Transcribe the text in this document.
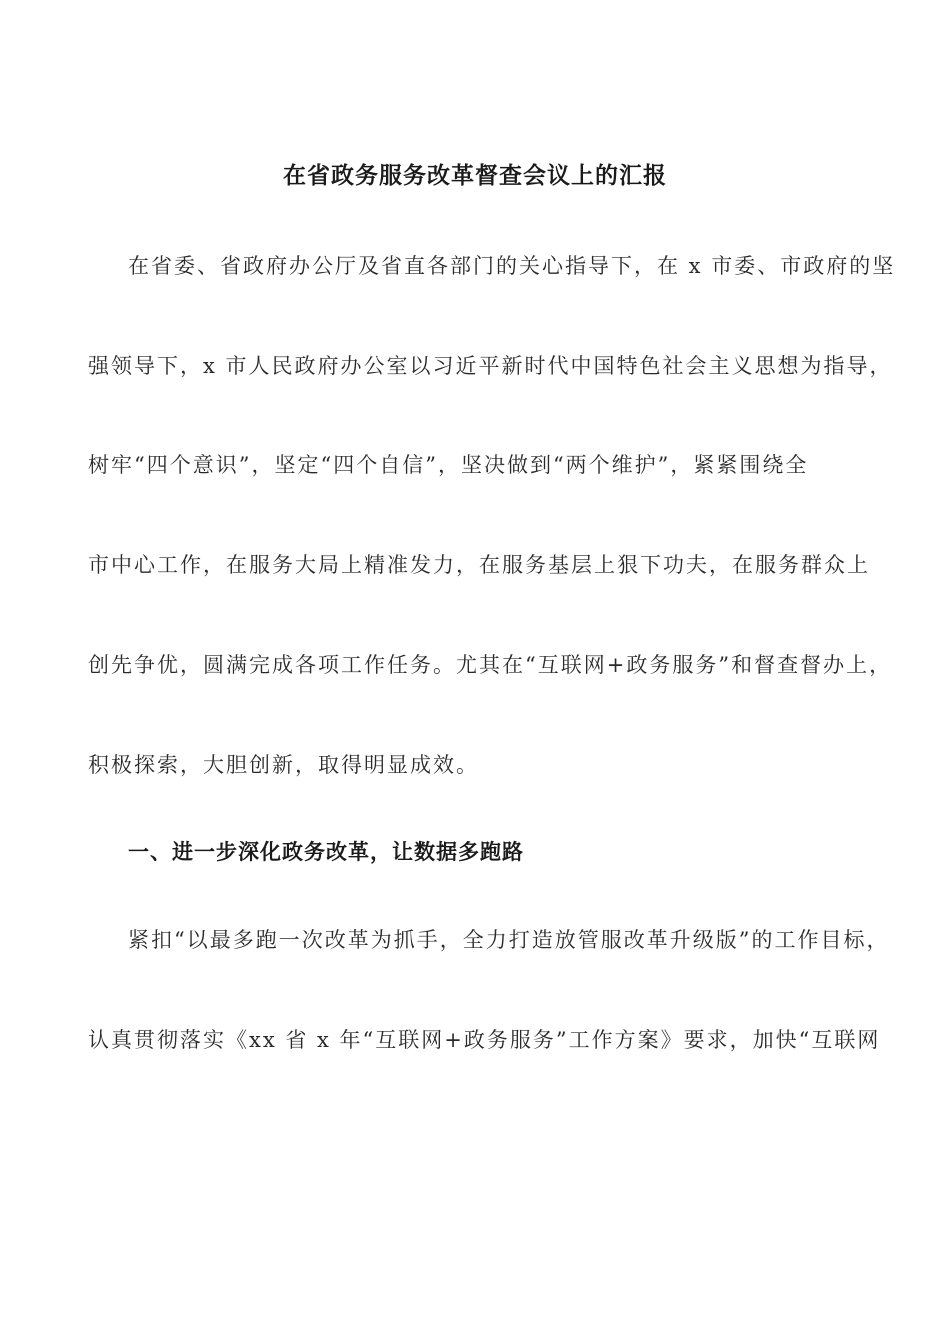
在省政务服务改革督查会议上的汇报
在省委、省政府办公厅及省直各部门的关心指导下，在 x 市委、市政府的坚
强领导下，x 市人民政府办公室以习近平新时代中国特色社会主义思想为指导，
树牢“四个意识”，坚定“四个自信”，坚决做到“两个维护”，紧紧围绕全
市中心工作，在服务大局上精准发力，在服务基层上狠下功夫，在服务群众上
创先争优，圆满完成各项工作任务。尤其在“互联网+政务服务”和督查督办上，
积极探索，大胆创新，取得明显成效。
一、进一步深化政务改革，让数据多跑路
紧扣“以最多跑一次改革为抓手，全力打造放管服改革升级版”的工作目标，
认真贯彻落实《xx 省 x 年“互联网+政务服务”工作方案》要求，加快“互联网
